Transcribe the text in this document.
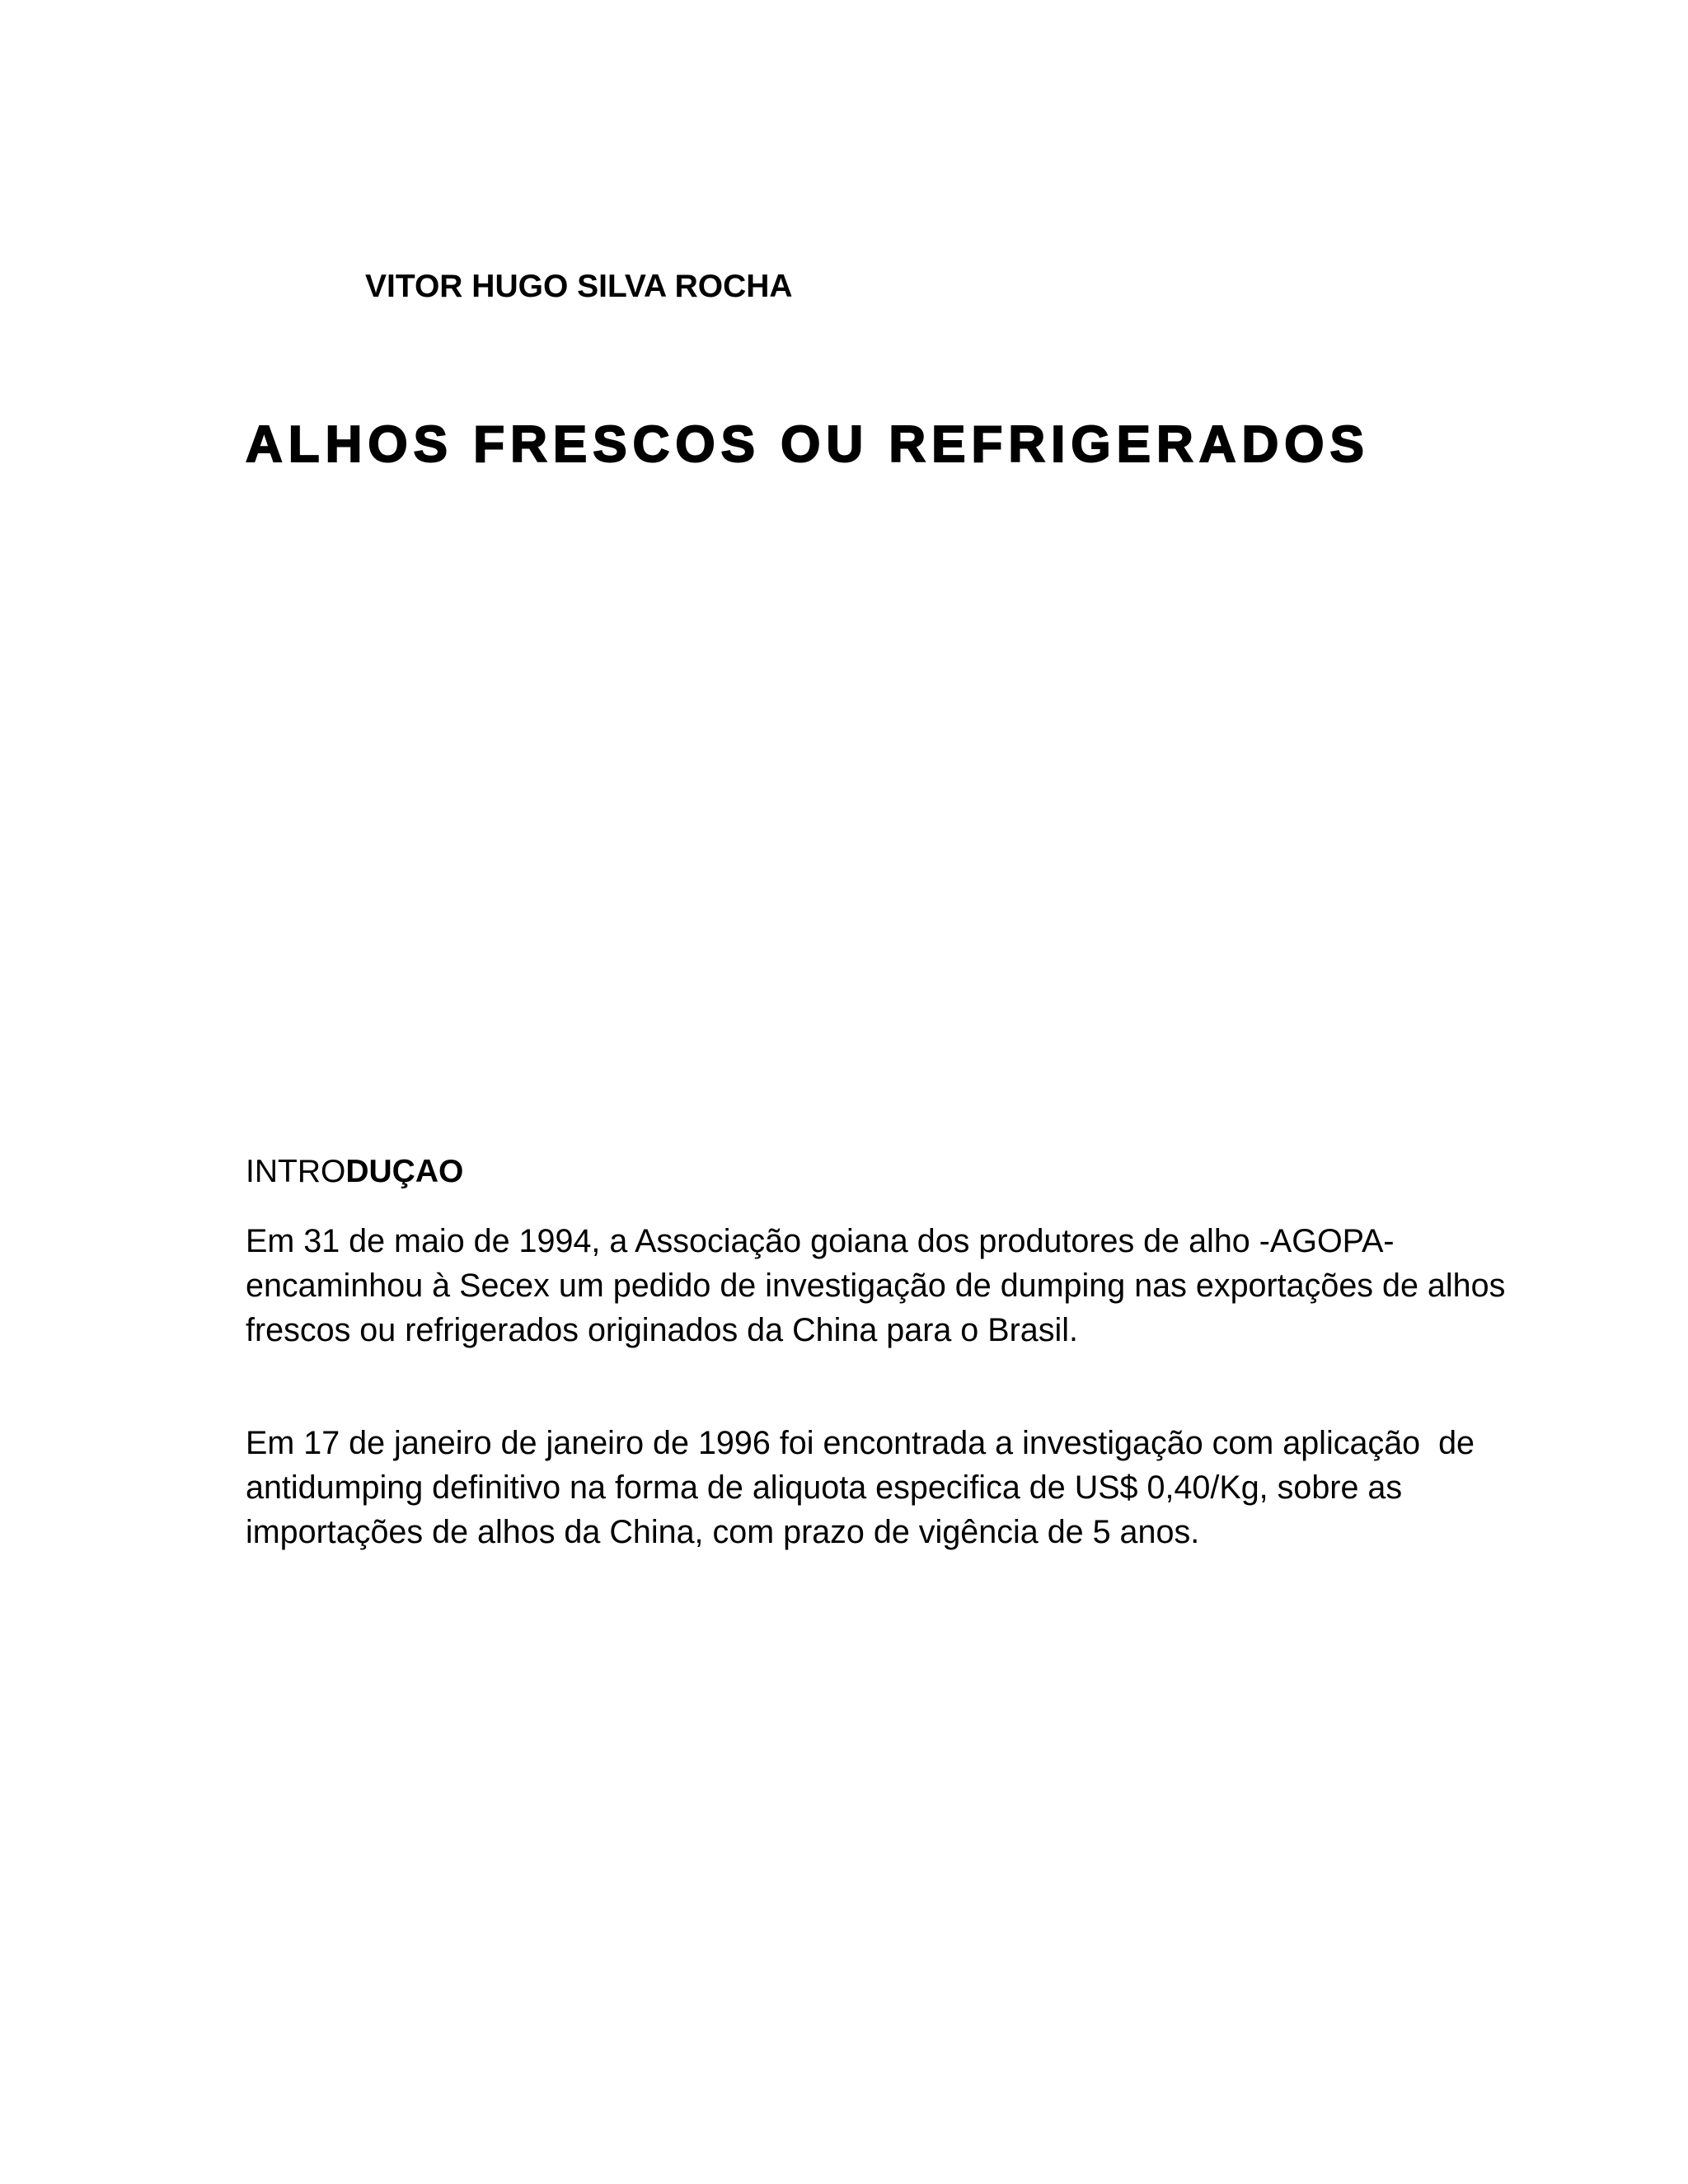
VITOR HUGO SILVA ROCHA
ALHOS FRESCOS OU REFRIGERADOS
INTRODUÇAO

Em 31 de maio de 1994, a Associação goiana dos produtores de alho -AGOPA-
encaminhou à Secex um pedido de investigação de dumping nas exportações de alhos
frescos ou refrigerados originados da China para o Brasil.

Em 17 de janeiro de janeiro de 1996 foi encontrada a investigação com aplicação  de
antidumping definitivo na forma de aliquota especifica de US$ 0,40/Kg, sobre as
importações de alhos da China, com prazo de vigência de 5 anos.
